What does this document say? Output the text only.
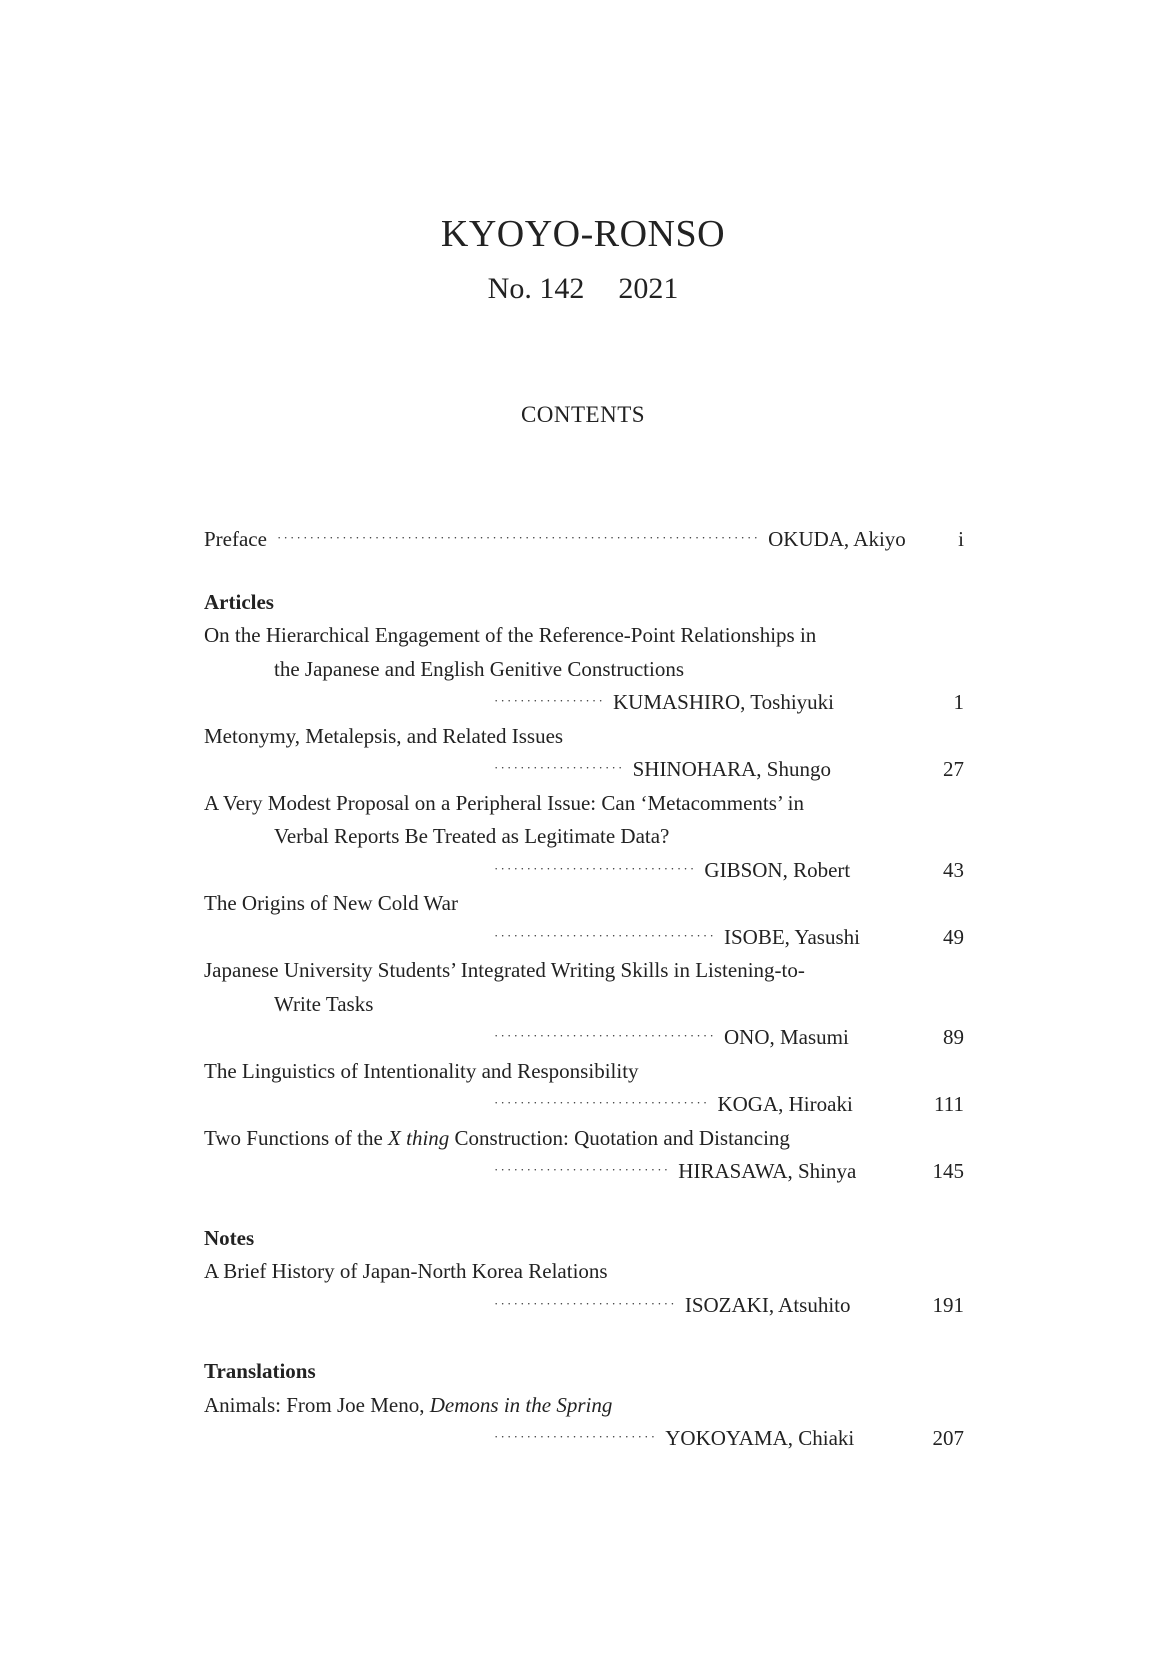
KYOYO-RONSO
No. 142 2021
CONTENTS
Preface ·········································································· OKUDA, Akiyo i
Articles
On the Hierarchical Engagement of the Reference-Point Relationships in
the Japanese and English Genitive Constructions
················· KUMASHIRO, Toshiyuki	1
Metonymy, Metalepsis, and Related Issues
···················· SHINOHARA, Shungo	27
A Very Modest Proposal on a Peripheral Issue: Can ‘Metacomments’ in
Verbal Reports Be Treated as Legitimate Data?
······························· GIBSON, Robert	43
The Origins of New Cold War
·································· ISOBE, Yasushi	49
Japanese University Students’ Integrated Writing Skills in Listening-to-
Write Tasks
·································· ONO, Masumi	89
The Linguistics of Intentionality and Responsibility
································· KOGA, Hiroaki	111
Two Functions of the X thing Construction: Quotation and Distancing
··························· HIRASAWA, Shinya	145
Notes
A Brief History of Japan-North Korea Relations
···························· ISOZAKI, Atsuhito	191
Translations
Animals: From Joe Meno, Demons in the Spring
························· YOKOYAMA, Chiaki	207
